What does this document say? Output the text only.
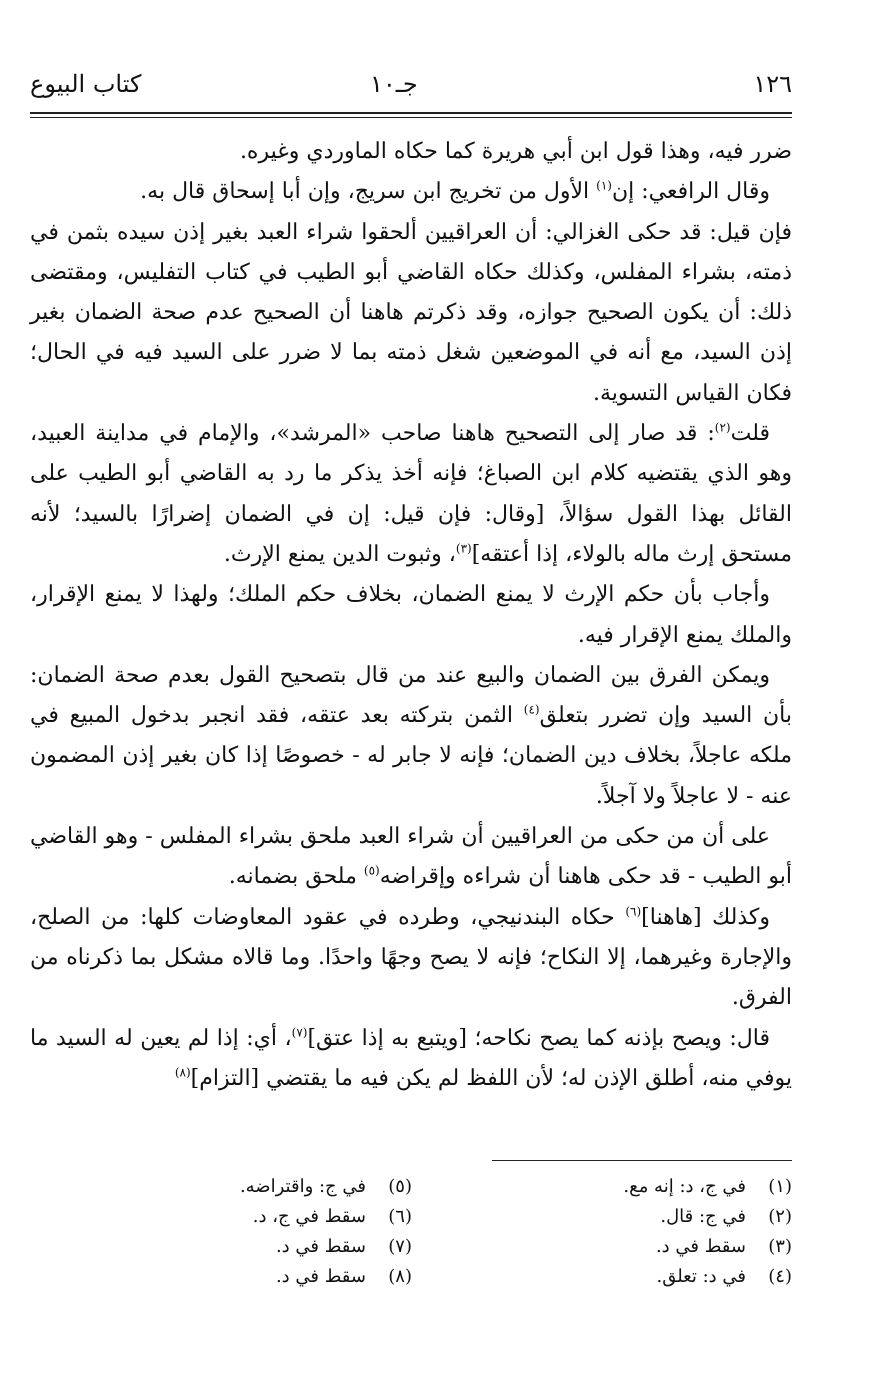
١٢٦
جـ١٠
كتاب البيوع

ضرر فيه، وهذا قول ابن أبي هريرة كما حكاه الماوردي وغيره.

وقال الرافعي: إن$^{(١)}$ الأول من تخريج ابن سريج، وإن أبا إسحاق قال به.

فإن قيل: قد حكى الغزالي: أن العراقيين ألحقوا شراء العبد بغير إذن سيده بثمن في ذمته، بشراء المفلس، وكذلك حكاه القاضي أبو الطيب في كتاب التفليس، ومقتضى ذلك: أن يكون الصحيح جوازه، وقد ذكرتم هاهنا أن الصحيح عدم صحة الضمان بغير إذن السيد، مع أنه في الموضعين شغل ذمته بما لا ضرر على السيد فيه في الحال؛ فكان القياس التسوية.

قلت$^{(٢)}$: قد صار إلى التصحيح هاهنا صاحب «المرشد»، والإمام في مداينة العبيد، وهو الذي يقتضيه كلام ابن الصباغ؛ فإنه أخذ يذكر ما رد به القاضي أبو الطيب على القائل بهذا القول سؤالاً، [وقال: فإن قيل: إن في الضمان إضرارًا بالسيد؛ لأنه مستحق إرث ماله بالولاء، إذا أعتقه]$^{(٣)}$، وثبوت الدين يمنع الإرث.

وأجاب بأن حكم الإرث لا يمنع الضمان، بخلاف حكم الملك؛ ولهذا لا يمنع الإقرار، والملك يمنع الإقرار فيه.

ويمكن الفرق بين الضمان والبيع عند من قال بتصحيح القول بعدم صحة الضمان: بأن السيد وإن تضرر بتعلق$^{(٤)}$ الثمن بتركته بعد عتقه، فقد انجبر بدخول المبيع في ملكه عاجلاً، بخلاف دين الضمان؛ فإنه لا جابر له - خصوصًا إذا كان بغير إذن المضمون عنه - لا عاجلاً ولا آجلاً.

على أن من حكى من العراقيين أن شراء العبد ملحق بشراء المفلس - وهو القاضي أبو الطيب - قد حكى هاهنا أن شراءه وإقراضه$^{(٥)}$ ملحق بضمانه.

وكذلك [هاهنا]$^{(٦)}$ حكاه البندنيجي، وطرده في عقود المعاوضات كلها: من الصلح، والإجارة وغيرهما، إلا النكاح؛ فإنه لا يصح وجهًا واحدًا. وما قالاه مشكل بما ذكرناه من الفرق.

قال: ويصح بإذنه كما يصح نكاحه؛ [ويتبع به إذا عتق]$^{(٧)}$، أي: إذا لم يعين له السيد ما يوفي منه، أطلق الإذن له؛ لأن اللفظ لم يكن فيه ما يقتضي [التزام]$^{(٨)}$

(١)في ج، د: إنه مع.
(٢)في ج: قال.
(٣)سقط في د.
(٤)في د: تعلق.
(٥)في ج: واقتراضه.
(٦)سقط في ج، د.
(٧)سقط في د.
(٨)سقط في د.
